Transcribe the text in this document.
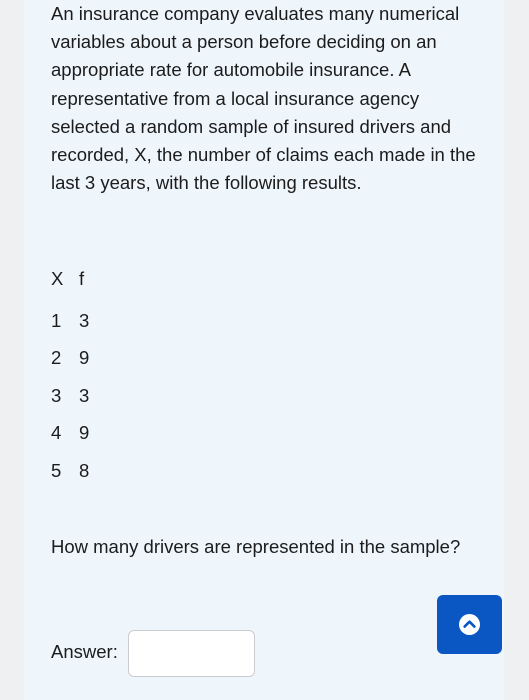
An insurance company evaluates many numerical variables about a person before deciding on an appropriate rate for automobile insurance. A representative from a local insurance agency selected a random sample of insured drivers and recorded, X, the number of claims each made in the last 3 years, with the following results.

X f
1 3
2 9
3 3
4 9
5 8

How many drivers are represented in the sample?

Answer:
